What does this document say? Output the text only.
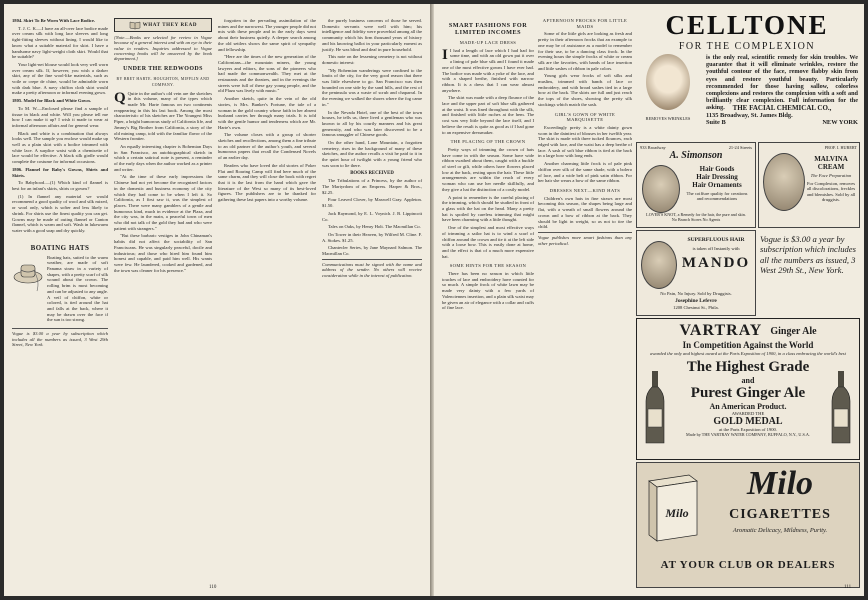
1804. Skirt To Be Worn With Lace Bodice.

T. J. C. K.—I have an all-over lace bodice made over cream silk with long lace sleeves and long tight-fitting sleeves without lining. I would like to know what a suitable material for skirt. I have a handsome navy light-weight cloth skirt. Would that be suitable?

Your light-net blouse would look very well worn over cream silk. If, however, you wish a darker skirt, any of the fine wool-like materials, such as voile or crepe de chine, would be admirable worn with dark blue. A navy chiffon cloth skirt would make a pretty afternoon or informal evening gown.

1805. Model for Black and White Gown.

To M. W.—Enclosed please find a sample of tissue in black and white. Will you please tell me how I can make it up? I wish it made to wear at informal afternoon affairs and for general wear.

Black and white is a combination that always looks well. The sample you enclose would make up well as a plain skirt with a bodice trimmed with white lace. A surplice waist with a chemisette of lace would be effective. A black silk girdle would complete the costume for informal occasions.

1806. Flannel for Baby's Gowns, Shirts and Skirts.

To Babyhood.—(1) Which kind of flannel is best for an infant's skirts, shirts or gowns?

(1) In flannel any material we would recommend a good quality of wool and silk mixed, or wool only, which is softer and less likely to shrink. For shirts use the finest quality you can get. Gowns may be made of outing flannel or Canton flannel, which is warm and soft. Wash in lukewarm water with a good soap and dry quickly.

BOATING HATS

Boating hats, suited to the warm weather, are made of soft Panama straw in a variety of shapes, with a pretty scarf of silk wound about the crown. The rolling brim is most becoming and can be adjusted to any angle. A veil of chiffon, white or colored, is tied around the hat and falls at the back, where it may be drawn over the face if the sun is too strong.

Vogue is $3.00 a year by subscription which includes all the numbers as issued, 3 West 29th Street, New York.

WHAT THEY READ

[Note.—Books are selected for review in Vogue because of a general interest and with an eye to their value to readers. Inquiries addressed to Vogue concerning books will be answered by the book department.]

UNDER THE REDWOODS
BY BRET HARTE. HOUGHTON, MIFFLIN AND COMPANY.

Q Quite in the author's old vein are the sketches in this volume, many of the types which made Mr. Harte famous on two continents reappearing in this his last book. Among the most characteristic of his sketches are The Youngest Miss Piper, a bright humorous study of California life, and Jimmy's Big Brother from California, a story of the old mining camp, told with the familiar flavor of the Western frontier.

An equally interesting chapter is Bohemian Days in San Francisco, an autobiographical sketch in which a certain satirical note is present, a reminder of the early days when the author worked as a printer and writer.

"At the time of these early impressions the Chinese had not yet become the recognized factors in the domestic and business economy of the city which they had come to be when I left it. So California, as I first saw it, was the simplest of places. There were many gamblers of a gentle and humorous kind, much in evidence at the Plaza, and the city was, in the main, a peaceful town of men who did not talk of the gold they had and who were patient with strangers."

"But these barbaric vestiges in John Chinaman's habits did not affect the sociability of San Franciscans. He was singularly peaceful, docile and industrious; and those who hired him found him honest and capable, and paid him well. His wants were few. He laundered, cooked and gardened, and the town was cleaner for his presence."

forgotten in the pervading assimilation of the mines and the narrowest. The younger people did not mix with these people and in the early days went about their business quietly. A deeper search among the old settlers shows the same spirit of sympathy and fellowship.

"Here are the times of the new generation of the Californians—the mountain miners, the young lawyers and editors, the sons of the pioneers who had made the commonwealth. They met at the restaurants and the theatres, and in the evenings the streets were full of these gay young people, and the old Plaza was lively with music."

Another sketch, quite in the vein of the old stories, is Mrs. Bunker's Fortune, the tale of a woman in the gold country whose faith in her absent husband carries her through many trials. It is told with the gentle humor and tenderness which are Mr. Harte's own.

The volume closes with a group of shorter sketches and recollections, among them a fine tribute to an old partner of the author's youth, and several humorous papers that recall the Condensed Novels of an earlier day.

Readers who have loved the old stories of Poker Flat and Roaring Camp will find here much of the same charm, and they will close the book with regret that it is the last from the hand which gave the literature of the West so many of its best-loved figures. The publishers are to be thanked for gathering these last papers into a worthy volume.

the purely business concerns of those he served. Domestic servants were well with him; his intelligence and fidelity were proverbial among all the community which his firm thousand years of history and his knowing ballot in your particularly earnest as justify. He was blind and deaf in pure household.

This note on the lessening cemetery is not without domestic interest:

"My Bohemian wanderings were confined to the limits of the city, for the very good reason that there was little elsewhere to go. San Francisco was then bounded on one side by the sand hills, and the rest of the peninsula was a waste of scrub and chaparral. In the evening we walked the shores where the fog came in."

In the Nevada Hotel, one of the best of the town houses, he tells us, there lived a gentleman who was known to all by his courtly manners and his great generosity, and who was later discovered to be a famous smuggler of Chinese goods.

On the other hand, Lone Mountain, a forgotten cemetery, rises in the background of many of these sketches, and the author recalls a visit he paid to it in the quiet hour of twilight with a young friend who was soon to lie there.

BOOKS RECEIVED

The Tribulations of a Princess, by the author of The Martyrdom of an Empress. Harper & Bros., $2.25.

Four Leaved Clover, by Maxwell Gray. Appleton. $1.50.

Jack Raymond, by E. L. Voynich. J. B. Lippincott Co.

Tales on Oaks, by Henry Holt. The Macmillan Co.

On Tower in their Heaven, by Wilfred M. Cline. F. A. Stokes. $1.25.

Chantecler Series, by Jane Maynard Salmon. The Macmillan Co.

Communications must be signed with the name and address of the sender. No others will receive consideration while in the interest of publication.

110
SMART FASHIONS FOR LIMITED INCOMES
MADE-UP LACE DRESS

I I had a length of lace which I had had for some time, and with an old gown put it over a lining of pale blue silk and I found it made one of the most effective gowns I have ever had. The bodice was made with a yoke of the lace, and with a shaped berthe, finished with narrow ribbon. It is a dress that I can wear almost anywhere.

The skirt was made with a deep flounce of the lace and the upper part of soft blue silk gathered at the waist. It was lined throughout with the silk, and finished with little ruches at the hem. The cost was very little beyond the lace itself, and I believe the result is quite as good as if I had gone to an expensive dressmaker.

THE PLACING OF THE CROWN

Pretty ways of trimming the crown of hats have come in with the season. Some have wide ribbon swathed about them, caught with a buckle of steel or gilt, while others have flowers placed low at the back, resting upon the hair. These little arrangements are within the reach of every woman who can use her needle skillfully, and they give a hat the distinction of a costly model.

A point to remember is the careful placing of the trimming, which should be studied in front of a glass with the hat on the head. Many a pretty hat is spoiled by careless trimming that might have been charming with a little thought.

One of the simplest and most effective ways of trimming a sailor hat is to wind a scarf of chiffon around the crown and tie it at the left side with a loose bow. This is easily done at home, and the effect is that of a much more expensive hat.

SOME HINTS FOR THE SEASON

There has been no season in which little touches of lace and embroidery have counted for so much. A simple frock of white lawn may be made very dainty with a few yards of Valenciennes insertion, and a plain silk waist may be given an air of elegance with a collar and cuffs of fine lace.

AFTERNOON FROCKS FOR LITTLE MAIDS

Some of the little girls are looking as fresh and pretty in their afternoon frocks that an example to one may be of assistance as a model to remember for their use, to be a dancing class frock. In the evening hours the simple frocks of white or cream silk are the favorites, with bands of lace insertion and little sashes of ribbon in pale colors.

Young girls wear frocks of soft silks and muslins, trimmed with bands of lace or embroidery, and with broad sashes tied in a large bow at the back. The skirts are full and just reach the tops of the shoes, showing the pretty silk stockings which match the sash.

GIRL'S GOWN OF WHITE MARQUISETTE

Exceedingly pretty is a white dainty gown worn in the daintiest of blouses in her twelfth year. The skirt is made with three tucked flounces, each edged with lace, and the waist has a deep berthe of lace. A sash of soft blue ribbon is tied at the back in a large bow with long ends.

Another charming little frock is of pale pink chiffon over silk of the same shade, with a bolero of lace, and a wide belt of pink satin ribbon. For her hair she wears a bow of the same ribbon.

DRESSES NEXT—KIND HATS

Children's own hats in fine straws are most becoming this season, the shapes being large and flat, with a wreath of small flowers around the crown and a bow of ribbon at the back. They should be light in weight, so as not to tire the child.

Vogue publishes more smart fashions than any other periodical.

CELLTONE
FOR THE COMPLEXION
REMOVES WRINKLES
is the only real, scientific remedy for skin troubles. We guarantee that it will eliminate wrinkles, restore the youthful contour of the face, remove flabby skin from eyes and restore youthful beauty. Particularly recommended for those having sallow, colorless complexions and restores the complexion with a soft and brilliantly clear complexion. Full information for the asking.	THE FACIAL CHEMICAL CO.,
1135 Broadway, St. James Bldg.
Suite B	NEW YORK
933 Broadway	21-24 Streets
A. Simonson
Hair Goods
Hair Dressing
Hair Ornaments
The coiffure quality for creations and recommendations
LOVER'S KNOT, a Remedy for the hair, the pure and skin.
No Branch Stores No Agents
PROF. I. HUBERT
MALVINA CREAM
The Face Preparation
For Complexion, removes all discolorations, freckles and blemishes. Sold by all druggists.
SUPERFLUOUS HAIR
is taken off Instantly with
MANDO
No Pain, No Injury. Sold by Druggists.
Josephine Lefevre
1208 Chestnut St., Phila.
Vogue is $3.00 a year by subscription which includes all the numbers as issued, 3 West 29th St., New York.
VARTRAY Ginger Ale
In Competition Against the World
awarded the only and highest award at the Paris Exposition of 1900, in a class embracing the world's best
The Highest Grade
and
Purest Ginger Ale
An American Product.
AWARDED THE
GOLD MEDAL
at the Paris Exposition of 1900.
Made by THE VARTRAY WATER COMPANY, BUFFALO, N.Y., U.S.A.
Milo
Milo
CIGARETTES
Aromatic Delicacy, Mildness, Purity.
AT YOUR CLUB OR DEALERS
111
